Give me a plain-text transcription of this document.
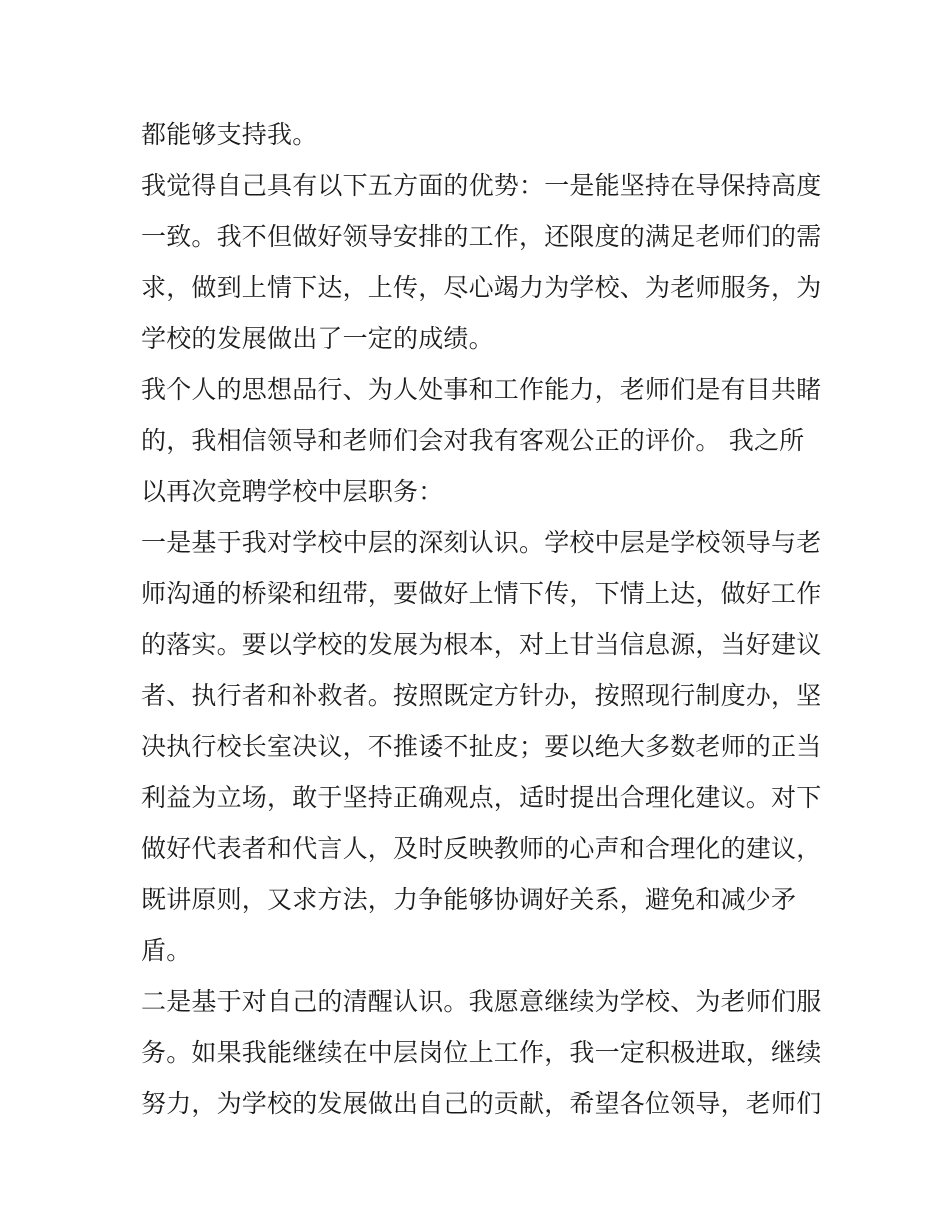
都能够支持我。
我觉得自己具有以下五方面的优势：一是能坚持在导保持高度
一致。我不但做好领导安排的工作，还限度的满足老师们的需
求，做到上情下达，上传，尽心竭力为学校、为老师服务，为
学校的发展做出了一定的成绩。
我个人的思想品行、为人处事和工作能力，老师们是有目共睹
的，我相信领导和老师们会对我有客观公正的评价。 我之所
以再次竞聘学校中层职务：
一是基于我对学校中层的深刻认识。学校中层是学校领导与老
师沟通的桥梁和纽带，要做好上情下传，下情上达，做好工作
的落实。要以学校的发展为根本，对上甘当信息源，当好建议
者、执行者和补救者。按照既定方针办，按照现行制度办，坚
决执行校长室决议，不推诿不扯皮；要以绝大多数老师的正当
利益为立场，敢于坚持正确观点，适时提出合理化建议。对下
做好代表者和代言人，及时反映教师的心声和合理化的建议，
既讲原则，又求方法，力争能够协调好关系，避免和减少矛
盾。
二是基于对自己的清醒认识。我愿意继续为学校、为老师们服
务。如果我能继续在中层岗位上工作，我一定积极进取，继续
努力，为学校的发展做出自己的贡献，希望各位领导，老师们
